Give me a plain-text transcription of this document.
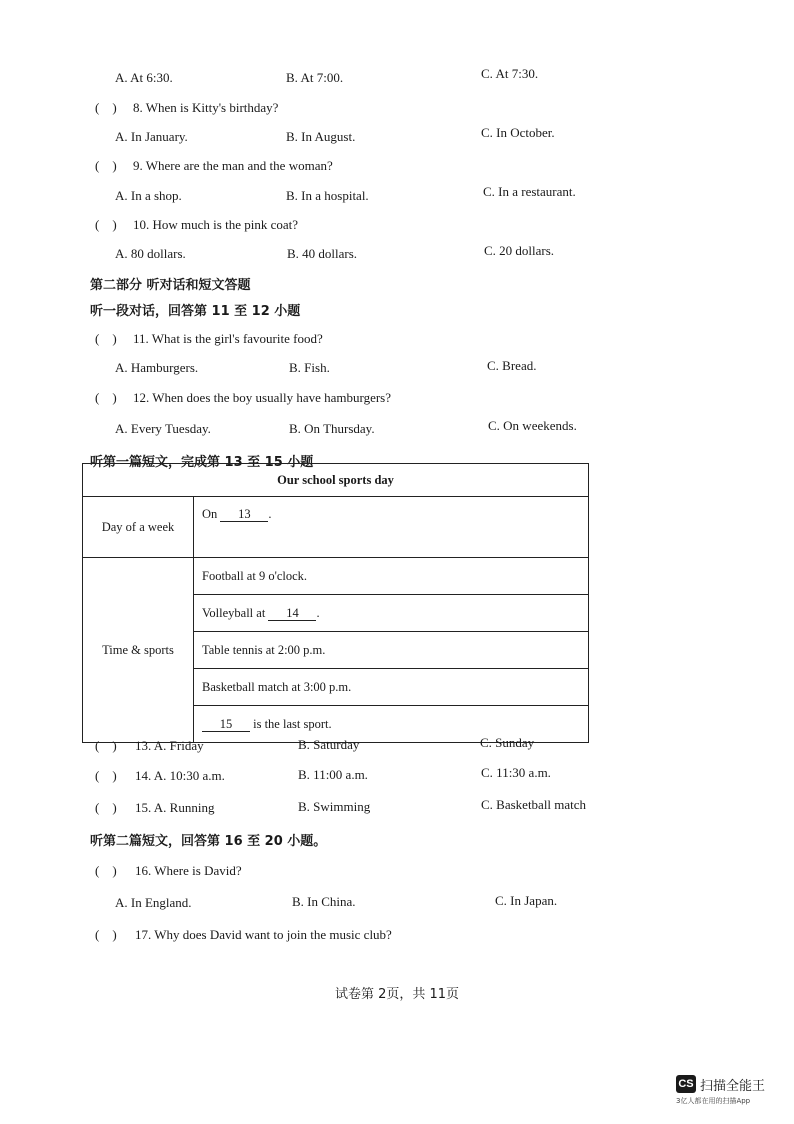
A. At 6:30.	B. At 7:00.	C. At 7:30.
(    ) 8. When is Kitty's birthday?
A. In January.	B. In August.	C. In October.
(    ) 9. Where are the man and the woman?
A. In a shop.	B. In a hospital.	C. In a restaurant.
(    ) 10. How much is the pink coat?
A. 80 dollars.	B. 40 dollars.	C. 20 dollars.
第二部分 听对话和短文答题
听一段对话，回答第 11 至 12 小题
(    ) 11. What is the girl's favourite food?
A. Hamburgers.	B. Fish.	C. Bread.
(    ) 12. When does the boy usually have hamburgers?
A. Every Tuesday.	B. On Thursday.	C. On weekends.
听第一篇短文，完成第 13 至 15 小题
Our school sports day	
Day of a week	On 13 .
Time & sports	Football at 9 o'clock.
	Volleyball at 14 .
	Table tennis at 2:00 p.m.
	Basketball match at 3:00 p.m.
	15 is the last sport.
(    ) 13. A. Friday	B. Saturday	C. Sunday
(    ) 14. A. 10:30 a.m.	B. 11:00 a.m.	C. 11:30 a.m.
(    ) 15. A. Running	B. Swimming	C. Basketball match
听第二篇短文，回答第 16 至 20 小题。
(    ) 16. Where is David?
A. In England.	B. In China.	C. In Japan.
(    ) 17. Why does David want to join the music club?
试卷第 2页，共 11页
CS 扫描全能王
3亿人都在用的扫描App
